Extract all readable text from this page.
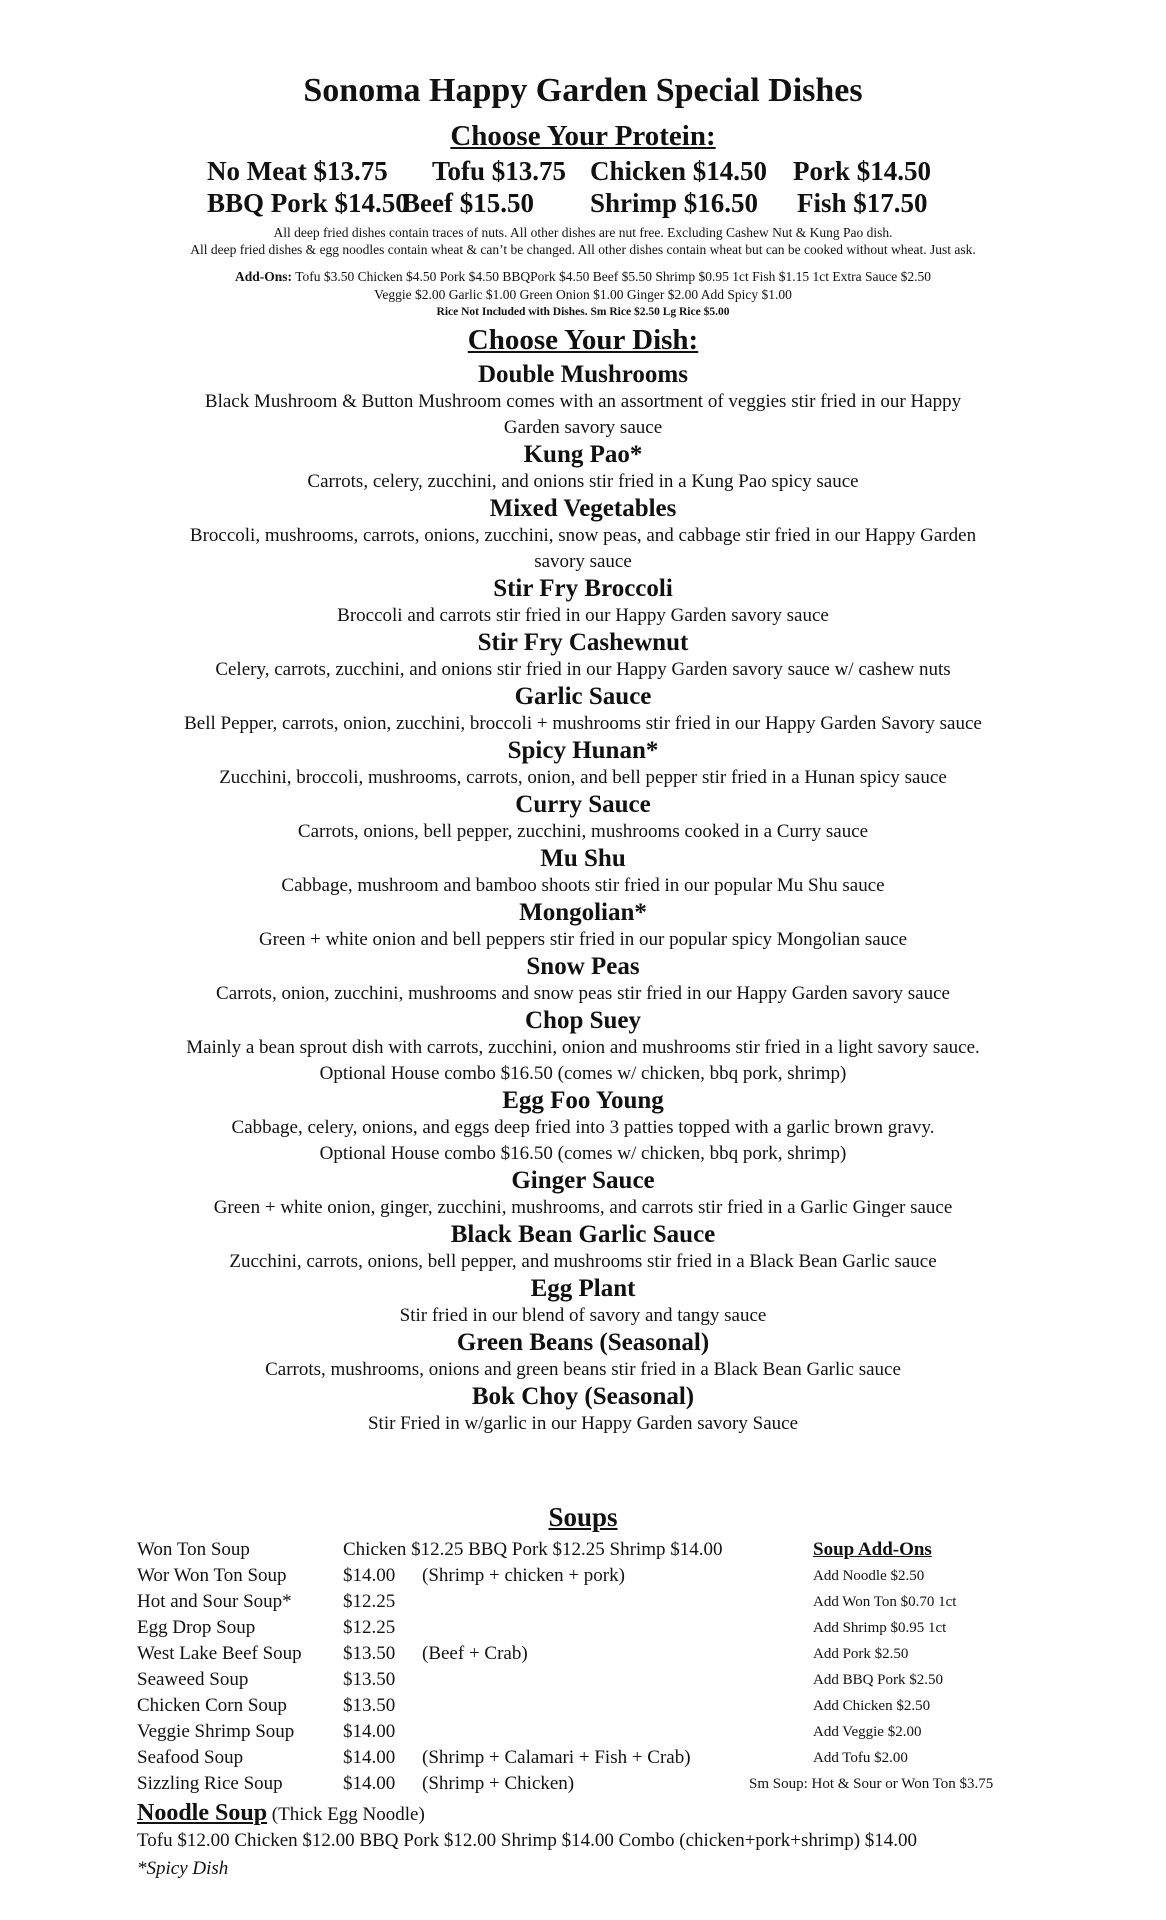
Sonoma Happy Garden Special Dishes
Choose Your Protein:
No Meat $13.75 Tofu $13.75 Chicken $14.50 Pork $14.50
BBQ Pork $14.50
Beef $15.50 Shrimp $16.50 Fish $17.50
All deep fried dishes contain traces of nuts. All other dishes are nut free. Excluding Cashew Nut & Kung Pao dish.
All deep fried dishes & egg noodles contain wheat & can’t be changed. All other dishes contain wheat but can be cooked without wheat. Just ask.
Add-Ons: Tofu $3.50 Chicken $4.50 Pork $4.50 BBQPork $4.50 Beef $5.50 Shrimp $0.95 1ct Fish $1.15 1ct Extra Sauce $2.50
Veggie $2.00 Garlic $1.00 Green Onion $1.00 Ginger $2.00 Add Spicy $1.00
Rice Not Included with Dishes. Sm Rice $2.50 Lg Rice $5.00
Choose Your Dish:
Double Mushrooms
Black Mushroom & Button Mushroom comes with an assortment of veggies stir fried in our Happy
Garden savory sauce
Kung Pao*
Carrots, celery, zucchini, and onions stir fried in a Kung Pao spicy sauce
Mixed Vegetables
Broccoli, mushrooms, carrots, onions, zucchini, snow peas, and cabbage stir fried in our Happy Garden
savory sauce
Stir Fry Broccoli
Broccoli and carrots stir fried in our Happy Garden savory sauce
Stir Fry Cashewnut
Celery, carrots, zucchini, and onions stir fried in our Happy Garden savory sauce w/ cashew nuts
Garlic Sauce
Bell Pepper, carrots, onion, zucchini, broccoli + mushrooms stir fried in our Happy Garden Savory sauce
Spicy Hunan*
Zucchini, broccoli, mushrooms, carrots, onion, and bell pepper stir fried in a Hunan spicy sauce
Curry Sauce
Carrots, onions, bell pepper, zucchini, mushrooms cooked in a Curry sauce
Mu Shu
Cabbage, mushroom and bamboo shoots stir fried in our popular Mu Shu sauce
Mongolian*
Green + white onion and bell peppers stir fried in our popular spicy Mongolian sauce
Snow Peas
Carrots, onion, zucchini, mushrooms and snow peas stir fried in our Happy Garden savory sauce
Chop Suey
Mainly a bean sprout dish with carrots, zucchini, onion and mushrooms stir fried in a light savory sauce.
Optional House combo $16.50 (comes w/ chicken, bbq pork, shrimp)
Egg Foo Young
Cabbage, celery, onions, and eggs deep fried into 3 patties topped with a garlic brown gravy.
Optional House combo $16.50 (comes w/ chicken, bbq pork, shrimp)
Ginger Sauce
Green + white onion, ginger, zucchini, mushrooms, and carrots stir fried in a Garlic Ginger sauce
Black Bean Garlic Sauce
Zucchini, carrots, onions, bell pepper, and mushrooms stir fried in a Black Bean Garlic sauce
Egg Plant
Stir fried in our blend of savory and tangy sauce
Green Beans (Seasonal)
Carrots, mushrooms, onions and green beans stir fried in a Black Bean Garlic sauce
Bok Choy (Seasonal)
Stir Fried in w/garlic in our Happy Garden savory Sauce
Soups
Won Ton Soup	Chicken $12.25 BBQ Pork $12.25 Shrimp $14.00	Soup Add-Ons
Wor Won Ton Soup	$14.00 (Shrimp + chicken + pork)	Add Noodle $2.50
Hot and Sour Soup*	$12.25	Add Won Ton $0.70 1ct
Egg Drop Soup	$12.25	Add Shrimp $0.95 1ct
West Lake Beef Soup $13.50 (Beef + Crab)	Add Pork $2.50
Seaweed Soup	$13.50	Add BBQ Pork $2.50
Chicken Corn Soup	$13.50	Add Chicken $2.50
Veggie Shrimp Soup	$14.00	Add Veggie $2.00
Seafood Soup	$14.00 (Shrimp + Calamari + Fish + Crab)	Add Tofu $2.00
Sizzling Rice Soup	$14.00 (Shrimp + Chicken)	Sm Soup: Hot & Sour or Won Ton $3.75
Noodle Soup (Thick Egg Noodle)
Tofu $12.00 Chicken $12.00 BBQ Pork $12.00 Shrimp $14.00 Combo (chicken+pork+shrimp) $14.00
*Spicy Dish
